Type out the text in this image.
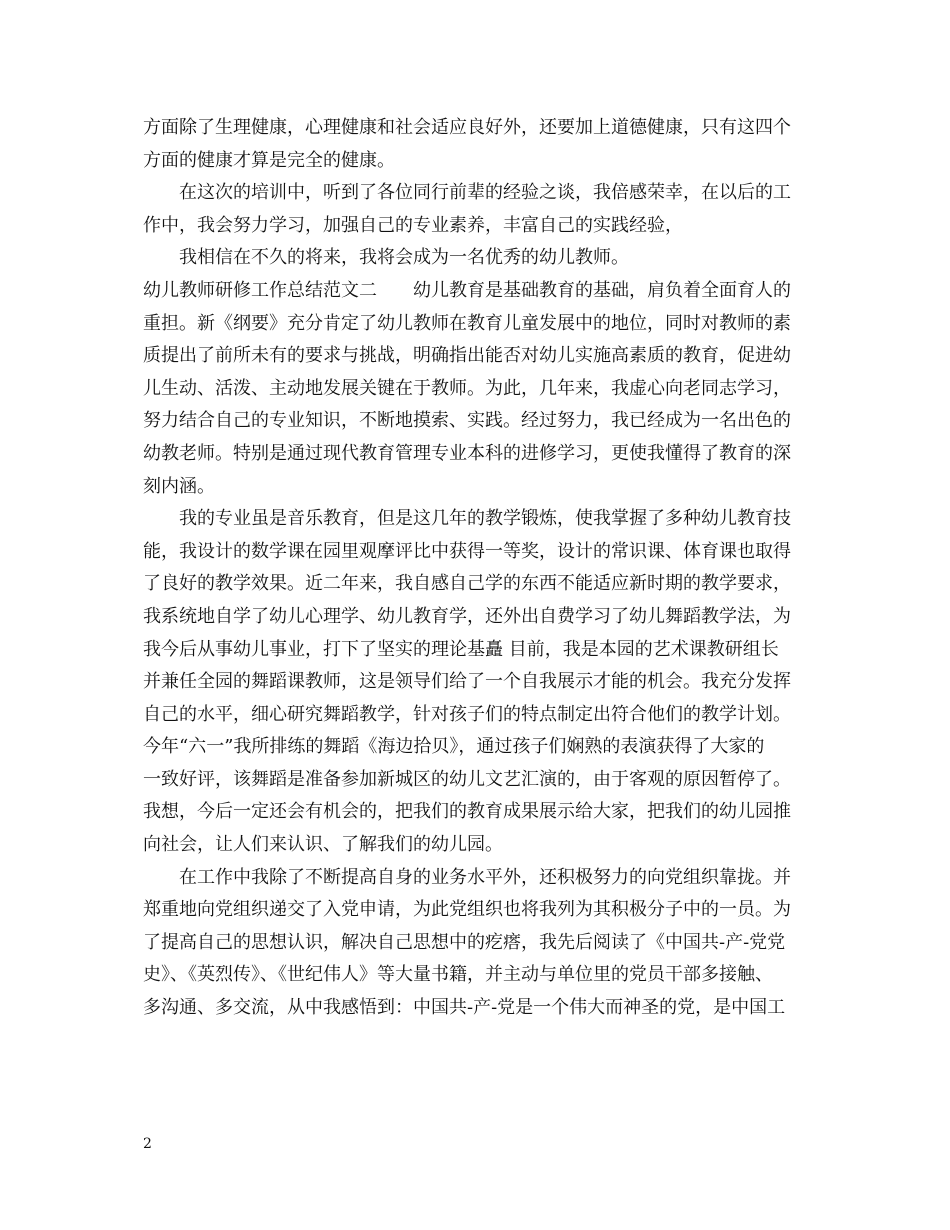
方面除了生理健康，心理健康和社会适应良好外，还要加上道德健康，只有这四个
方面的健康才算是完全的健康。
在这次的培训中，听到了各位同行前辈的经验之谈，我倍感荣幸，在以后的工
作中，我会努力学习，加强自己的专业素养，丰富自己的实践经验，
我相信在不久的将来，我将会成为一名优秀的幼儿教师。
幼儿教师研修工作总结范文二　　幼儿教育是基础教育的基础，肩负着全面育人的
重担。新《纲要》充分肯定了幼儿教师在教育儿童发展中的地位，同时对教师的素
质提出了前所未有的要求与挑战，明确指出能否对幼儿实施高素质的教育，促进幼
儿生动、活泼、主动地发展关键在于教师。为此，几年来，我虚心向老同志学习，
努力结合自己的专业知识，不断地摸索、实践。经过努力，我已经成为一名出色的
幼教老师。特别是通过现代教育管理专业本科的进修学习，更使我懂得了教育的深
刻内涵。
我的专业虽是音乐教育，但是这几年的教学锻炼，使我掌握了多种幼儿教育技
能，我设计的数学课在园里观摩评比中获得一等奖，设计的常识课、体育课也取得
了良好的教学效果。近二年来，我自感自己学的东西不能适应新时期的教学要求，
我系统地自学了幼儿心理学、幼儿教育学，还外出自费学习了幼儿舞蹈教学法，为
我今后从事幼儿事业，打下了坚实的理论基矗 目前，我是本园的艺术课教研组长
并兼任全园的舞蹈课教师，这是领导们给了一个自我展示才能的机会。我充分发挥
自己的水平，细心研究舞蹈教学，针对孩子们的特点制定出符合他们的教学计划。
今年“六一”我所排练的舞蹈《海边拾贝》，通过孩子们娴熟的表演获得了大家的
一致好评，该舞蹈是准备参加新城区的幼儿文艺汇演的，由于客观的原因暂停了。
我想，今后一定还会有机会的，把我们的教育成果展示给大家，把我们的幼儿园推
向社会，让人们来认识、了解我们的幼儿园。
在工作中我除了不断提高自身的业务水平外，还积极努力的向党组织靠拢。并
郑重地向党组织递交了入党申请，为此党组织也将我列为其积极分子中的一员。为
了提高自己的思想认识，解决自己思想中的疙瘩，我先后阅读了《中国共-产-党党
史》、《英烈传》、《世纪伟人》等大量书籍，并主动与单位里的党员干部多接触、
多沟通、多交流，从中我感悟到：中国共-产-党是一个伟大而神圣的党，是中国工
2
